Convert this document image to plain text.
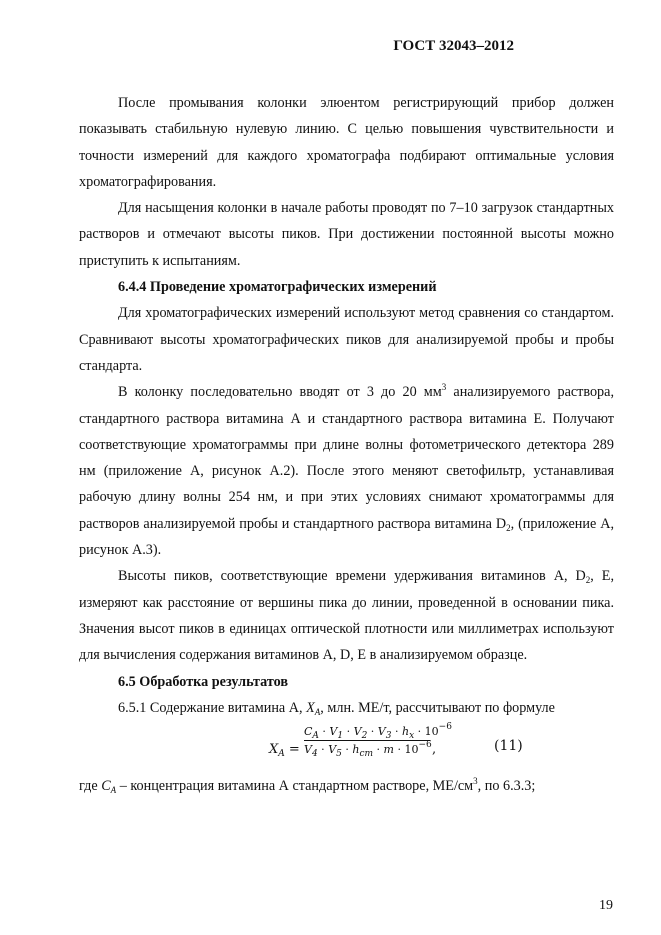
ГОСТ 32043–2012

После промывания колонки элюентом регистрирующий прибор должен показывать стабильную нулевую линию. С целью повышения чувствительности и точности измерений для каждого хроматографа подбирают оптимальные условия хроматографирования.

Для насыщения колонки в начале работы проводят по 7–10 загрузок стандартных растворов и отмечают высоты пиков. При достижении постоянной высоты можно приступить к испытаниям.

6.4.4 Проведение хроматографических измерений

Для хроматографических измерений используют метод сравнения со стандартом. Сравнивают высоты хроматографических пиков для анализируемой пробы и пробы стандарта.

В колонку последовательно вводят от 3 до 20 $мм^3$ анализируемого раствора, стандартного раствора витамина А и стандартного раствора витамина Е. Получают соответствующие хроматограммы при длине волны фотометрического детектора 289 нм (приложение А, рисунок А.2). После этого меняют светофильтр, устанавливая рабочую длину волны 254 нм, и при этих условиях снимают хроматограммы для растворов анализируемой пробы и стандартного раствора витамина $D_2$, (приложение А, рисунок А.3).

Высоты пиков, соответствующие времени удерживания витаминов А, $D_2$, Е, измеряют как расстояние от вершины пика до линии, проведенной в основании пика. Значения высот пиков в единицах оптической плотности или миллиметрах используют для вычисления содержания витаминов А, D, Е в анализируемом образце.

6.5 Обработка результатов

6.5.1 Содержание витамина А, $X_A$, млн. МЕ/т, рассчитывают по формуле

$X_A$ =
$C_A \cdot V_1 \cdot V_2 \cdot V_3 \cdot h_x \cdot 10^{-6}$
$V_4 \cdot V_5 \cdot h_{ст} \cdot m \cdot 10^{-6}$ ,	(11)

где $C_A$ – концентрация витамина А стандартном растворе, $МЕ/см^3$, по 6.3.3;

19
